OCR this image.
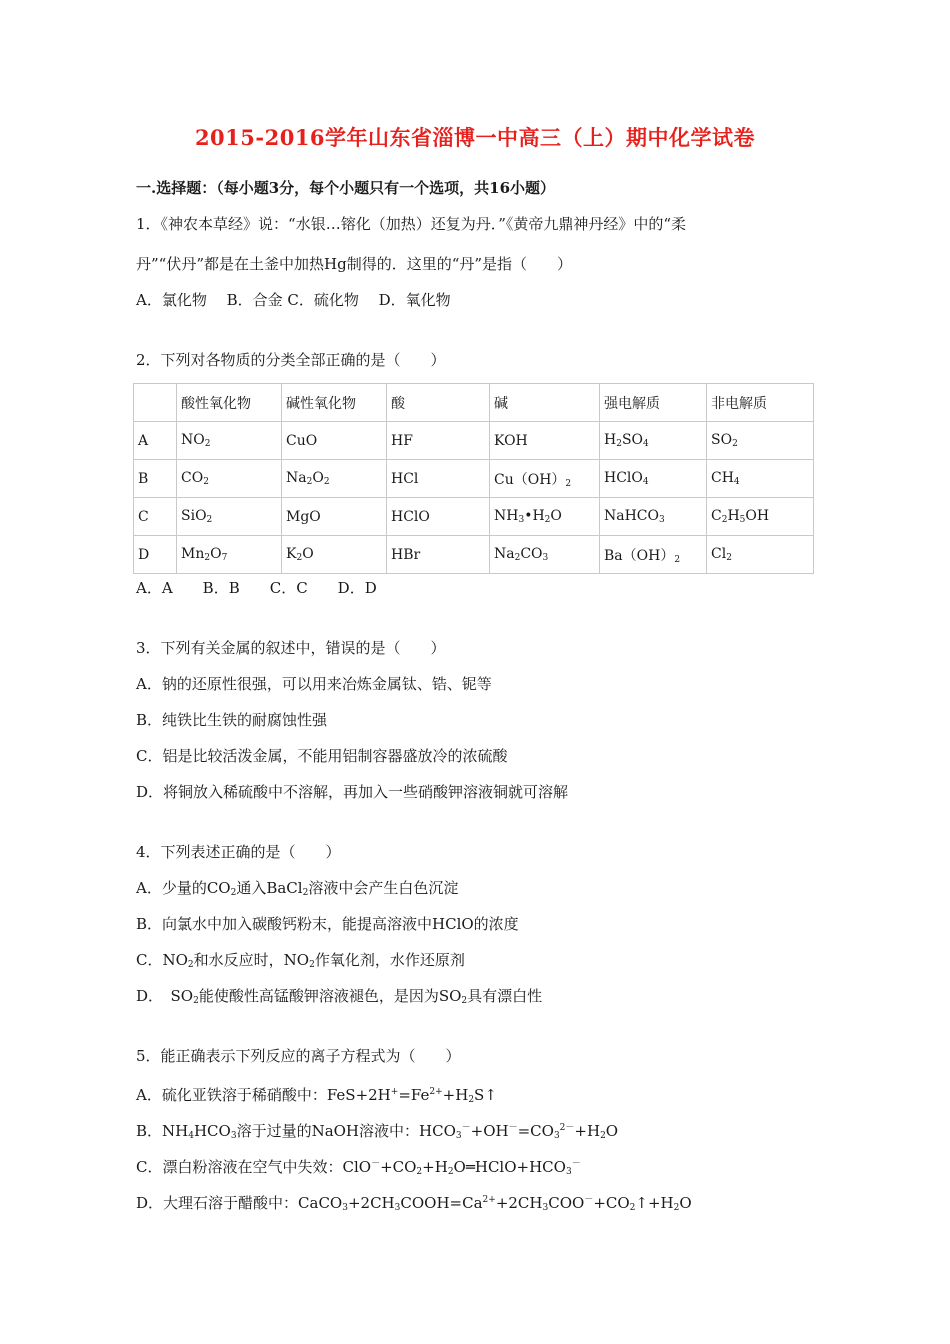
2015-2016学年山东省淄博一中高三（上）期中化学试卷
一.选择题：（每小题3分，每个小题只有一个选项，共16小题）
1．《神农本草经》说：“水银…镕化（加热）还复为丹．”《黄帝九鼎神丹经》中的“柔
丹”“伏丹”都是在土釜中加热Hg制得的．这里的“丹”是指（　　）
A．氯化物　 B．合金 C．硫化物　 D．氧化物
2．下列对各物质的分类全部正确的是（　　）
	酸性氧化物	碱性氧化物	酸	碱	强电解质	非电解质
A	$NO_2$	CuO	HF	KOH	$H_2SO_4$	$SO_2$
B	$CO_2$	$Na_2O_2$	HCl	$Cu(OH)_2$	HClO$_4$	$CH_4$
C	SiO$_2$	MgO	HClO	$NH_3•H_2O$	NaHCO$_3$	$C_2H_5OH$
D	$Mn_2O_7$	$K_2O$	HBr	$Na_2CO_3$	$Ba(OH)_2$	$Cl_2$
A．A　　B．B　　C．C　　D．D
3．下列有关金属的叙述中，错误的是（　　）
A．钠的还原性很强，可以用来冶炼金属钛、锆、铌等
B．纯铁比生铁的耐腐蚀性强
C．铝是比较活泼金属，不能用铝制容器盛放冷的浓硫酸
D．将铜放入稀硫酸中不溶解，再加入一些硝酸钾溶液铜就可溶解
4．下列表述正确的是（　　）
A．少量的$CO_2$通入BaCl$_2$溶液中会产生白色沉淀
B．向氯水中加入碳酸钙粉末，能提高溶液中HClO的浓度
C．$NO_2$和水反应时，$NO_2$作氧化剂，水作还原剂
D．　$SO_2$能使酸性高锰酸钾溶液褪色，是因为$SO_2$具有漂白性
5．能正确表示下列反应的离子方程式为（　　）
A．硫化亚铁溶于稀硝酸中：$FeS+2H^+=Fe^{2+}+H_2S↑$
B．$NH_4HCO_3$溶于过量的NaOH溶液中：$HCO_3^-+OH^-=CO_3^{2-}+H_2O$
C．漂白粉溶液在空气中失效：$ClO^-+CO_2+H_2O═HClO+HCO_3^-$
D．大理石溶于醋酸中：$CaCO_3+2CH_3COOH=Ca^{2+}+2CH_3COO^-+CO_2↑+H_2O$
